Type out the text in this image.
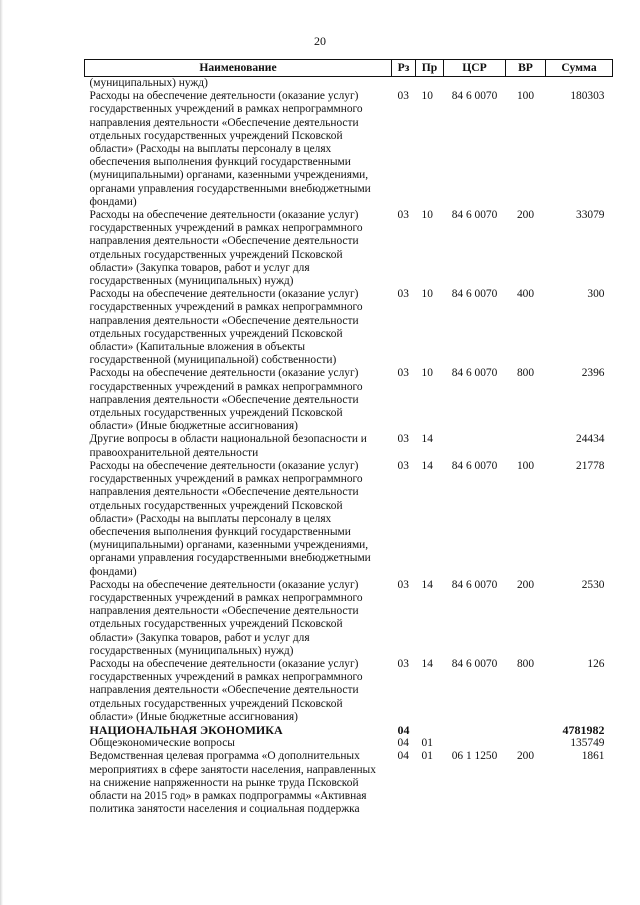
20
Наименование	Рз	Пр	ЦСР	ВР	Сумма
(муниципальных) нужд)					
Расходы на обеспечение деятельности (оказание услуг) государственных учреждений в рамках непрограммного направления деятельности «Обеспечение деятельности отдельных государственных учреждений Псковской области» (Расходы на выплаты персоналу в целях обеспечения выполнения функций государственными (муниципальными) органами, казенными учреждениями, органами управления государственными внебюджетными фондами)	03	10	84 6 0070	100	180303
Расходы на обеспечение деятельности (оказание услуг) государственных учреждений в рамках непрограммного направления деятельности «Обеспечение деятельности отдельных государственных учреждений Псковской области» (Закупка товаров, работ и услуг для государственных (муниципальных) нужд)	03	10	84 6 0070	200	33079
Расходы на обеспечение деятельности (оказание услуг) государственных учреждений в рамках непрограммного направления деятельности «Обеспечение деятельности отдельных государственных учреждений Псковской области» (Капитальные вложения в объекты государственной (муниципальной) собственности)	03	10	84 6 0070	400	300
Расходы на обеспечение деятельности (оказание услуг) государственных учреждений в рамках непрограммного направления деятельности «Обеспечение деятельности отдельных государственных учреждений Псковской области» (Иные бюджетные ассигнования)	03	10	84 6 0070	800	2396
Другие вопросы в области национальной безопасности и правоохранительной деятельности	03	14			24434
Расходы на обеспечение деятельности (оказание услуг) государственных учреждений в рамках непрограммного направления деятельности «Обеспечение деятельности отдельных государственных учреждений Псковской области» (Расходы на выплаты персоналу в целях обеспечения выполнения функций государственными (муниципальными) органами, казенными учреждениями, органами управления государственными внебюджетными фондами)	03	14	84 6 0070	100	21778
Расходы на обеспечение деятельности (оказание услуг) государственных учреждений в рамках непрограммного направления деятельности «Обеспечение деятельности отдельных государственных учреждений Псковской области» (Закупка товаров, работ и услуг для государственных (муниципальных) нужд)	03	14	84 6 0070	200	2530
Расходы на обеспечение деятельности (оказание услуг) государственных учреждений в рамках непрограммного направления деятельности «Обеспечение деятельности отдельных государственных учреждений Псковской области» (Иные бюджетные ассигнования)	03	14	84 6 0070	800	126
НАЦИОНАЛЬНАЯ ЭКОНОМИКА	04				4781982
Общеэкономические вопросы	04	01			135749
Ведомственная целевая программа «О дополнительных мероприятиях в сфере занятости населения, направленных на снижение напряженности на рынке труда Псковской области на 2015 год» в рамках подпрограммы «Активная политика занятости населения и социальная поддержка	04	01	06 1 1250	200	1861
